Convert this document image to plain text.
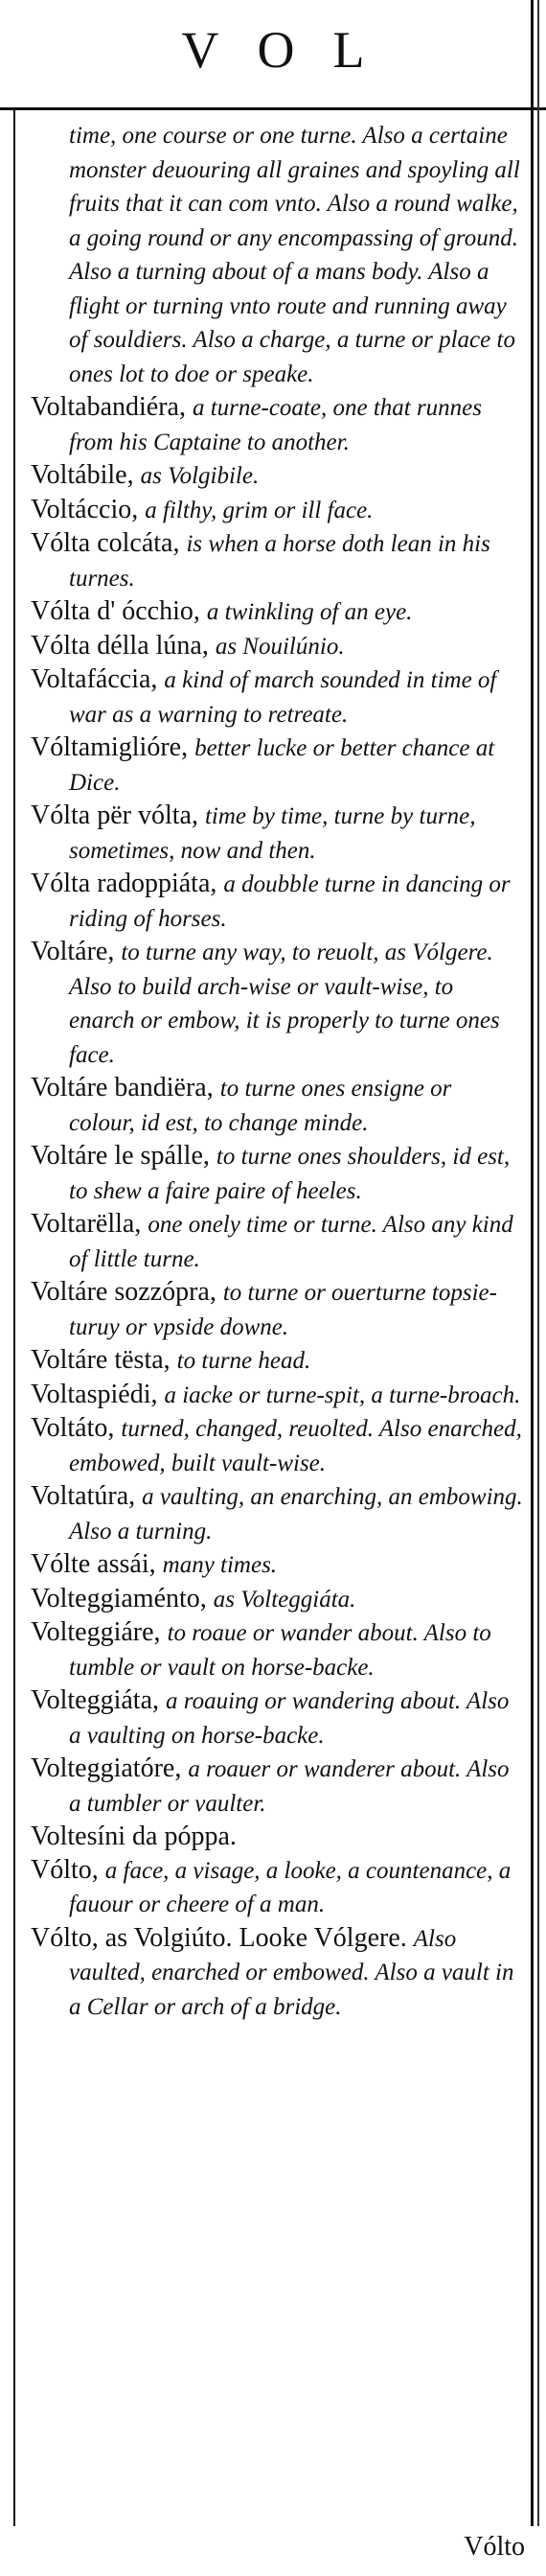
VOL

time, one course or one turne. Also a certaine monster deuouring all graines and spoyling all fruits that it can com vnto. Also a round walke, a going round or any encompassing of ground. Also a turning about of a mans body. Also a flight or turning vnto route and running away of souldiers. Also a charge, a turne or place to ones lot to doe or speake.

Voltabandiéra, a turne-coate, one that runnes from his Captaine to another.

Voltábile, as Volgibile.

Voltáccio, a filthy, grim or ill face.

Vólta colcáta, is when a horse doth lean in his turnes.

Vólta d' ócchio, a twinkling of an eye.

Vólta délla lúna, as Nouilúnio.

Voltafáccia, a kind of march sounded in time of war as a warning to retreate.

Vóltamiglióre, better lucke or better chance at Dice.

Vólta për vólta, time by time, turne by turne, sometimes, now and then.

Vólta radoppiáta, a doubble turne in dancing or riding of horses.

Voltáre, to turne any way, to reuolt, as Vólgere. Also to build arch-wise or vault-wise, to enarch or embow, it is properly to turne ones face.

Voltáre bandiëra, to turne ones ensigne or colour, id est, to change minde.

Voltáre le spálle, to turne ones shoulders, id est, to shew a faire paire of heeles.

Voltarëlla, one onely time or turne. Also any kind of little turne.

Voltáre sozzópra, to turne or ouerturne topsie-turuy or vpside downe.

Voltáre tësta, to turne head.

Voltaspiédi, a iacke or turne-spit, a turne-broach.

Voltáto, turned, changed, reuolted. Also enarched, embowed, built vault-wise.

Voltatúra, a vaulting, an enarching, an embowing. Also a turning.

Vólte assái, many times.

Volteggiaménto, as Volteggiáta.

Volteggiáre, to roaue or wander about. Also to tumble or vault on horse-backe.

Volteggiáta, a roauing or wandering about. Also a vaulting on horse-backe.

Volteggiatóre, a roauer or wanderer about. Also a tumbler or vaulter.

Voltesíni da póppa.

Vólto, a face, a visage, a looke, a countenance, a fauour or cheere of a man.

Vólto, as Volgiúto. Looke Vólgere. Also vaulted, enarched or embowed. Also a vault in a Cellar or arch of a bridge.

Vólto
